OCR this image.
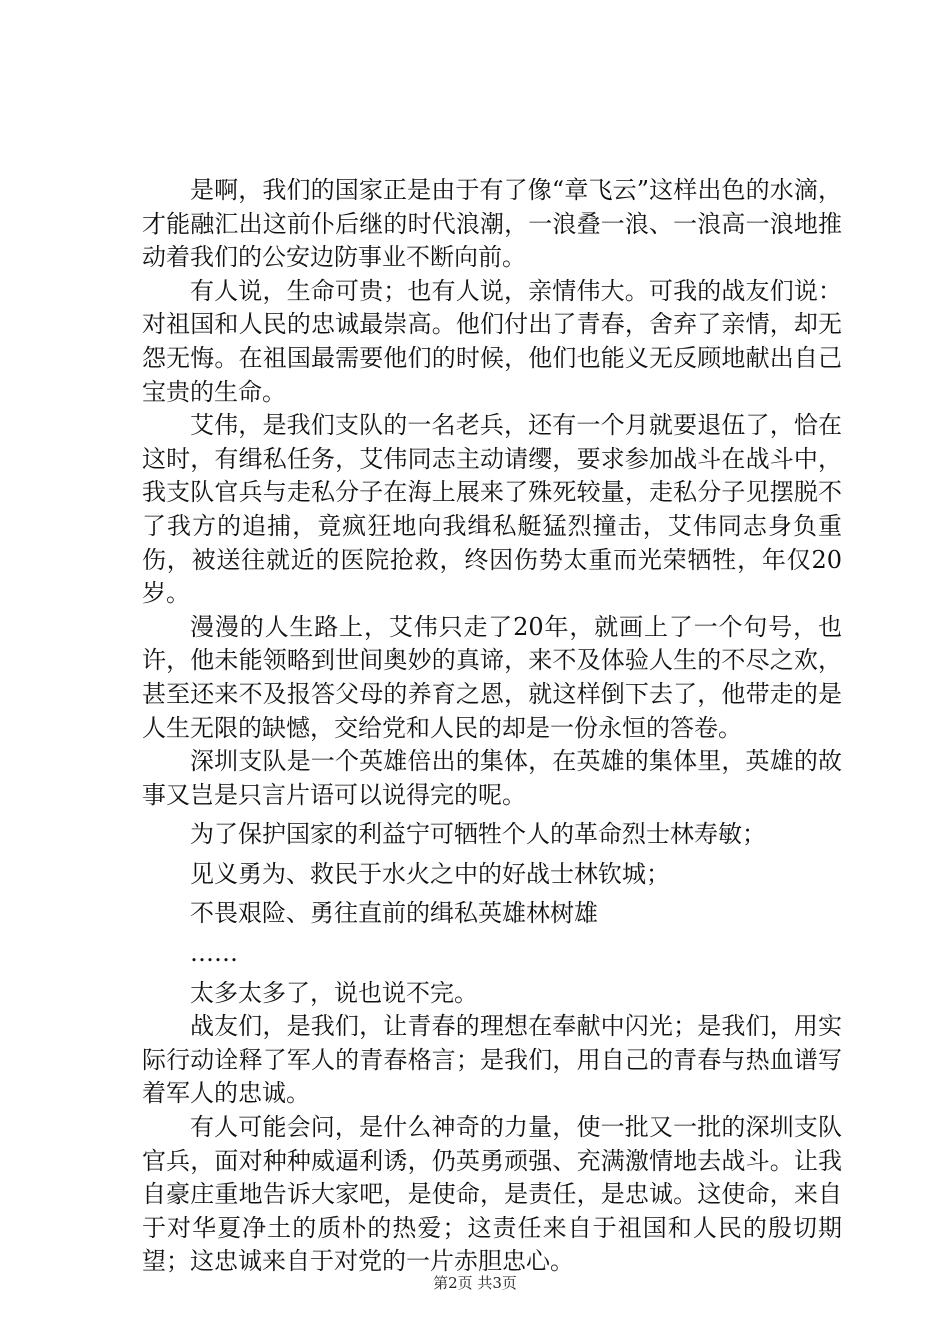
是啊，我们的国家正是由于有了像“章飞云”这样出色的水滴，才能融汇出这前仆后继的时代浪潮，一浪叠一浪、一浪高一浪地推动着我们的公安边防事业不断向前。

有人说，生命可贵；也有人说，亲情伟大。可我的战友们说：对祖国和人民的忠诚最崇高。他们付出了青春，舍弃了亲情，却无怨无悔。在祖国最需要他们的时候，他们也能义无反顾地献出自己宝贵的生命。

艾伟，是我们支队的一名老兵，还有一个月就要退伍了，恰在这时，有缉私任务，艾伟同志主动请缨，要求参加战斗在战斗中，我支队官兵与走私分子在海上展来了殊死较量，走私分子见摆脱不了我方的追捕，竟疯狂地向我缉私艇猛烈撞击，艾伟同志身负重伤，被送往就近的医院抢救，终因伤势太重而光荣牺牲，年仅20岁。

漫漫的人生路上，艾伟只走了20年，就画上了一个句号，也许，他未能领略到世间奥妙的真谛，来不及体验人生的不尽之欢，甚至还来不及报答父母的养育之恩，就这样倒下去了，他带走的是人生无限的缺憾，交给党和人民的却是一份永恒的答卷。

深圳支队是一个英雄倍出的集体，在英雄的集体里，英雄的故事又岂是只言片语可以说得完的呢。

为了保护国家的利益宁可牺牲个人的革命烈士林寿敏；

见义勇为、救民于水火之中的好战士林钦城；

不畏艰险、勇往直前的缉私英雄林树雄

……

太多太多了，说也说不完。

战友们，是我们，让青春的理想在奉献中闪光；是我们，用实际行动诠释了军人的青春格言；是我们，用自己的青春与热血谱写着军人的忠诚。

有人可能会问，是什么神奇的力量，使一批又一批的深圳支队官兵，面对种种威逼利诱，仍英勇顽强、充满激情地去战斗。让我自豪庄重地告诉大家吧，是使命，是责任，是忠诚。这使命，来自于对华夏净土的质朴的热爱；这责任来自于祖国和人民的殷切期望；这忠诚来自于对党的一片赤胆忠心。

第2页 共3页
